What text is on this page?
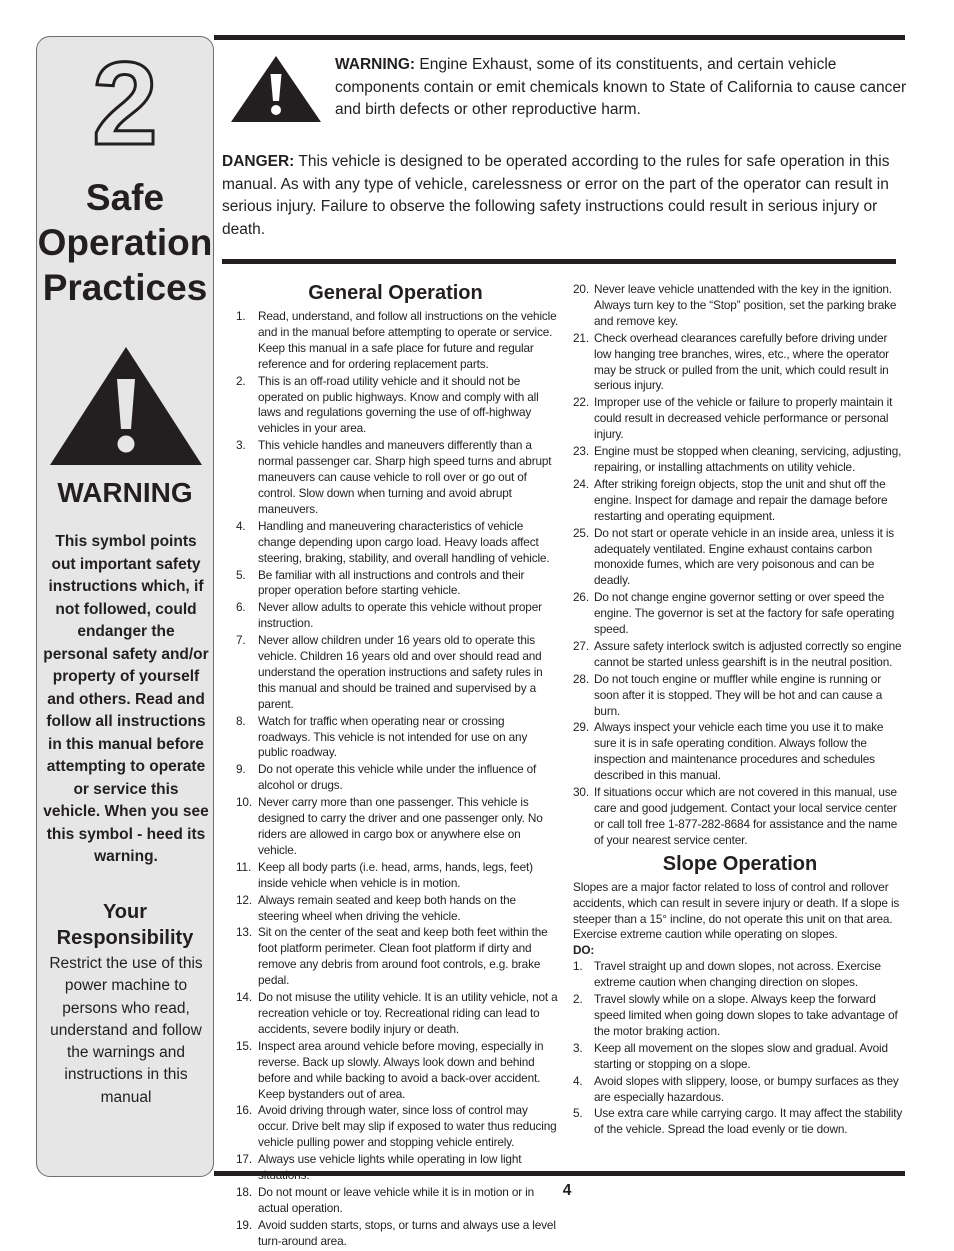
2
Safe
Operation
Practices
WARNING
This symbol points out important safety instructions which, if not followed, could endanger the personal safety and/or property of yourself and others. Read and follow all instructions in this manual before attempting to operate or service this vehicle. When you see this symbol - heed its warning.
Your Responsibility
Restrict the use of this power machine to persons who read, understand and follow the warnings and instructions in this manual
WARNING: Engine Exhaust, some of its constituents, and certain vehicle components contain or emit chemicals known to State of California to cause cancer and birth defects or other reproductive harm.
DANGER: This vehicle is designed to be operated according to the rules for safe operation in this manual. As with any type of vehicle, carelessness or error on the part of the operator can result in serious injury. Failure to observe the following safety instructions could result in serious injury or death.
General Operation
1.	Read, understand, and follow all instructions on the vehicle and in the manual before attempting to operate or service. Keep this manual in a safe place for future and regular reference and for ordering replacement parts.
2.	This is an off-road utility vehicle and it should not be operated on public highways. Know and comply with all laws and regulations governing the use of off-highway vehicles in your area.
3.	This vehicle handles and maneuvers differently than a normal passenger car. Sharp high speed turns and abrupt maneuvers can cause vehicle to roll over or go out of control. Slow down when turning and avoid abrupt maneuvers.
4.	Handling and maneuvering characteristics of vehicle change depending upon cargo load. Heavy loads affect steering, braking, stability, and overall handling of vehicle.
5.	Be familiar with all instructions and controls and their proper operation before starting vehicle.
6.	Never allow adults to operate this vehicle without proper instruction.
7.	Never allow children under 16 years old to operate this vehicle. Children 16 years old and over should read and understand the operation instructions and safety rules in this manual and should be trained and supervised by a parent.
8.	Watch for traffic when operating near or crossing roadways. This vehicle is not intended for use on any public roadway.
9.	Do not operate this vehicle while under the influence of alcohol or drugs.
10. Never carry more than one passenger. This vehicle is designed to carry the driver and one passenger only. No riders are allowed in cargo box or anywhere else on vehicle.
11. Keep all body parts (i.e. head, arms, hands, legs, feet) inside vehicle when vehicle is in motion.
12. Always remain seated and keep both hands on the steering wheel when driving the vehicle.
13. Sit on the center of the seat and keep both feet within the foot platform perimeter. Clean foot platform if dirty and remove any debris from around foot controls, e.g. brake pedal.
14. Do not misuse the utility vehicle. It is an utility vehicle, not a recreation vehicle or toy. Recreational riding can lead to accidents, severe bodily injury or death.
15. Inspect area around vehicle before moving, especially in reverse. Back up slowly. Always look down and behind before and while backing to avoid a back-over accident. Keep bystanders out of area.
16. Avoid driving through water, since loss of control may occur. Drive belt may slip if exposed to water thus reducing vehicle pulling power and stopping vehicle entirely.
17. Always use vehicle lights while operating in low light situations.
18. Do not mount or leave vehicle while it is in motion or in actual operation.
19. Avoid sudden starts, stops, or turns and always use a level turn-around area.
20. Never leave vehicle unattended with the key in the ignition. Always turn key to the “Stop” position, set the parking brake and remove key.
21. Check overhead clearances carefully before driving under low hanging tree branches, wires, etc., where the operator may be struck or pulled from the unit, which could result in serious injury.
22. Improper use of the vehicle or failure to properly maintain it could result in decreased vehicle performance or personal injury.
23. Engine must be stopped when cleaning, servicing, adjusting, repairing, or installing attachments on utility vehicle.
24. After striking foreign objects, stop the unit and shut off the engine. Inspect for damage and repair the damage before restarting and operating equipment.
25. Do not start or operate vehicle in an inside area, unless it is adequately ventilated. Engine exhaust contains carbon monoxide fumes, which are very poisonous and can be deadly.
26. Do not change engine governor setting or over speed the engine. The governor is set at the factory for safe operating speed.
27. Assure safety interlock switch is adjusted correctly so engine cannot be started unless gearshift is in the neutral position.
28. Do not touch engine or muffler while engine is running or soon after it is stopped. They will be hot and can cause a burn.
29. Always inspect your vehicle each time you use it to make sure it is in safe operating condition. Always follow the inspection and maintenance procedures and schedules described in this manual.
30. If situations occur which are not covered in this manual, use care and good judgement. Contact your local service center or call toll free 1-877-282-8684 for assistance and the name of your nearest service center.
Slope Operation

Slopes are a major factor related to loss of control and rollover accidents, which can result in severe injury or death. If a slope is steeper than a 15° incline, do not operate this unit on that area. Exercise extreme caution while operating on slopes.

DO:
1. Travel straight up and down slopes, not across. Exercise extreme caution when changing direction on slopes.
2. Travel slowly while on a slope. Always keep the forward speed limited when going down slopes to take advantage of the motor braking action.
3. Keep all movement on the slopes slow and gradual. Avoid starting or stopping on a slope.
4. Avoid slopes with slippery, loose, or bumpy surfaces as they are especially hazardous.
5. Use extra care while carrying cargo. It may affect the stability of the vehicle. Spread the load evenly or tie down.
4
